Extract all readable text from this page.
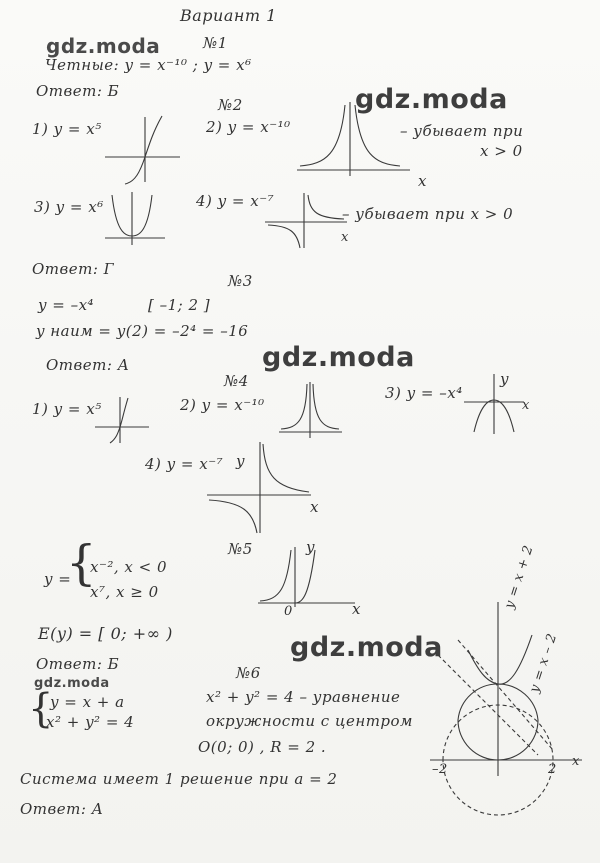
Вариант 1
gdz.moda	№1
Четные: y = x⁻¹⁰ ; y = x⁶
Ответ: Б	gdz.moda
№2
1) y = x⁵	2) y = x⁻¹⁰	– убывает при
x > 0
x
3) y = x⁶	4) y = x⁻⁷
– убывает при x > 0
x
Ответ: Г
№3
y = –x⁴	[ –1; 2 ]
y наим = y(2) = –2⁴ = –16
Ответ: А	gdz.moda
№4
1) y = x⁵	2) y = x⁻¹⁰
3) y = –x⁴
y
x
4) y = x⁻⁷ y
x
№5
y =
{
x⁻², x < 0
x⁷, x ≥ 0
y
x
0
E(y) = [ 0; +∞ )
Ответ: Б
gdz.moda
gdz.moda
№6
{
y = x + a
x² + y² = 4
x² + y² = 4 – уравнение
окружности с центром
O(0; 0) , R = 2 .
y = x + 2
y = x – 2
–2	2
x
Система имеет 1 решение при a = 2
Ответ: А
